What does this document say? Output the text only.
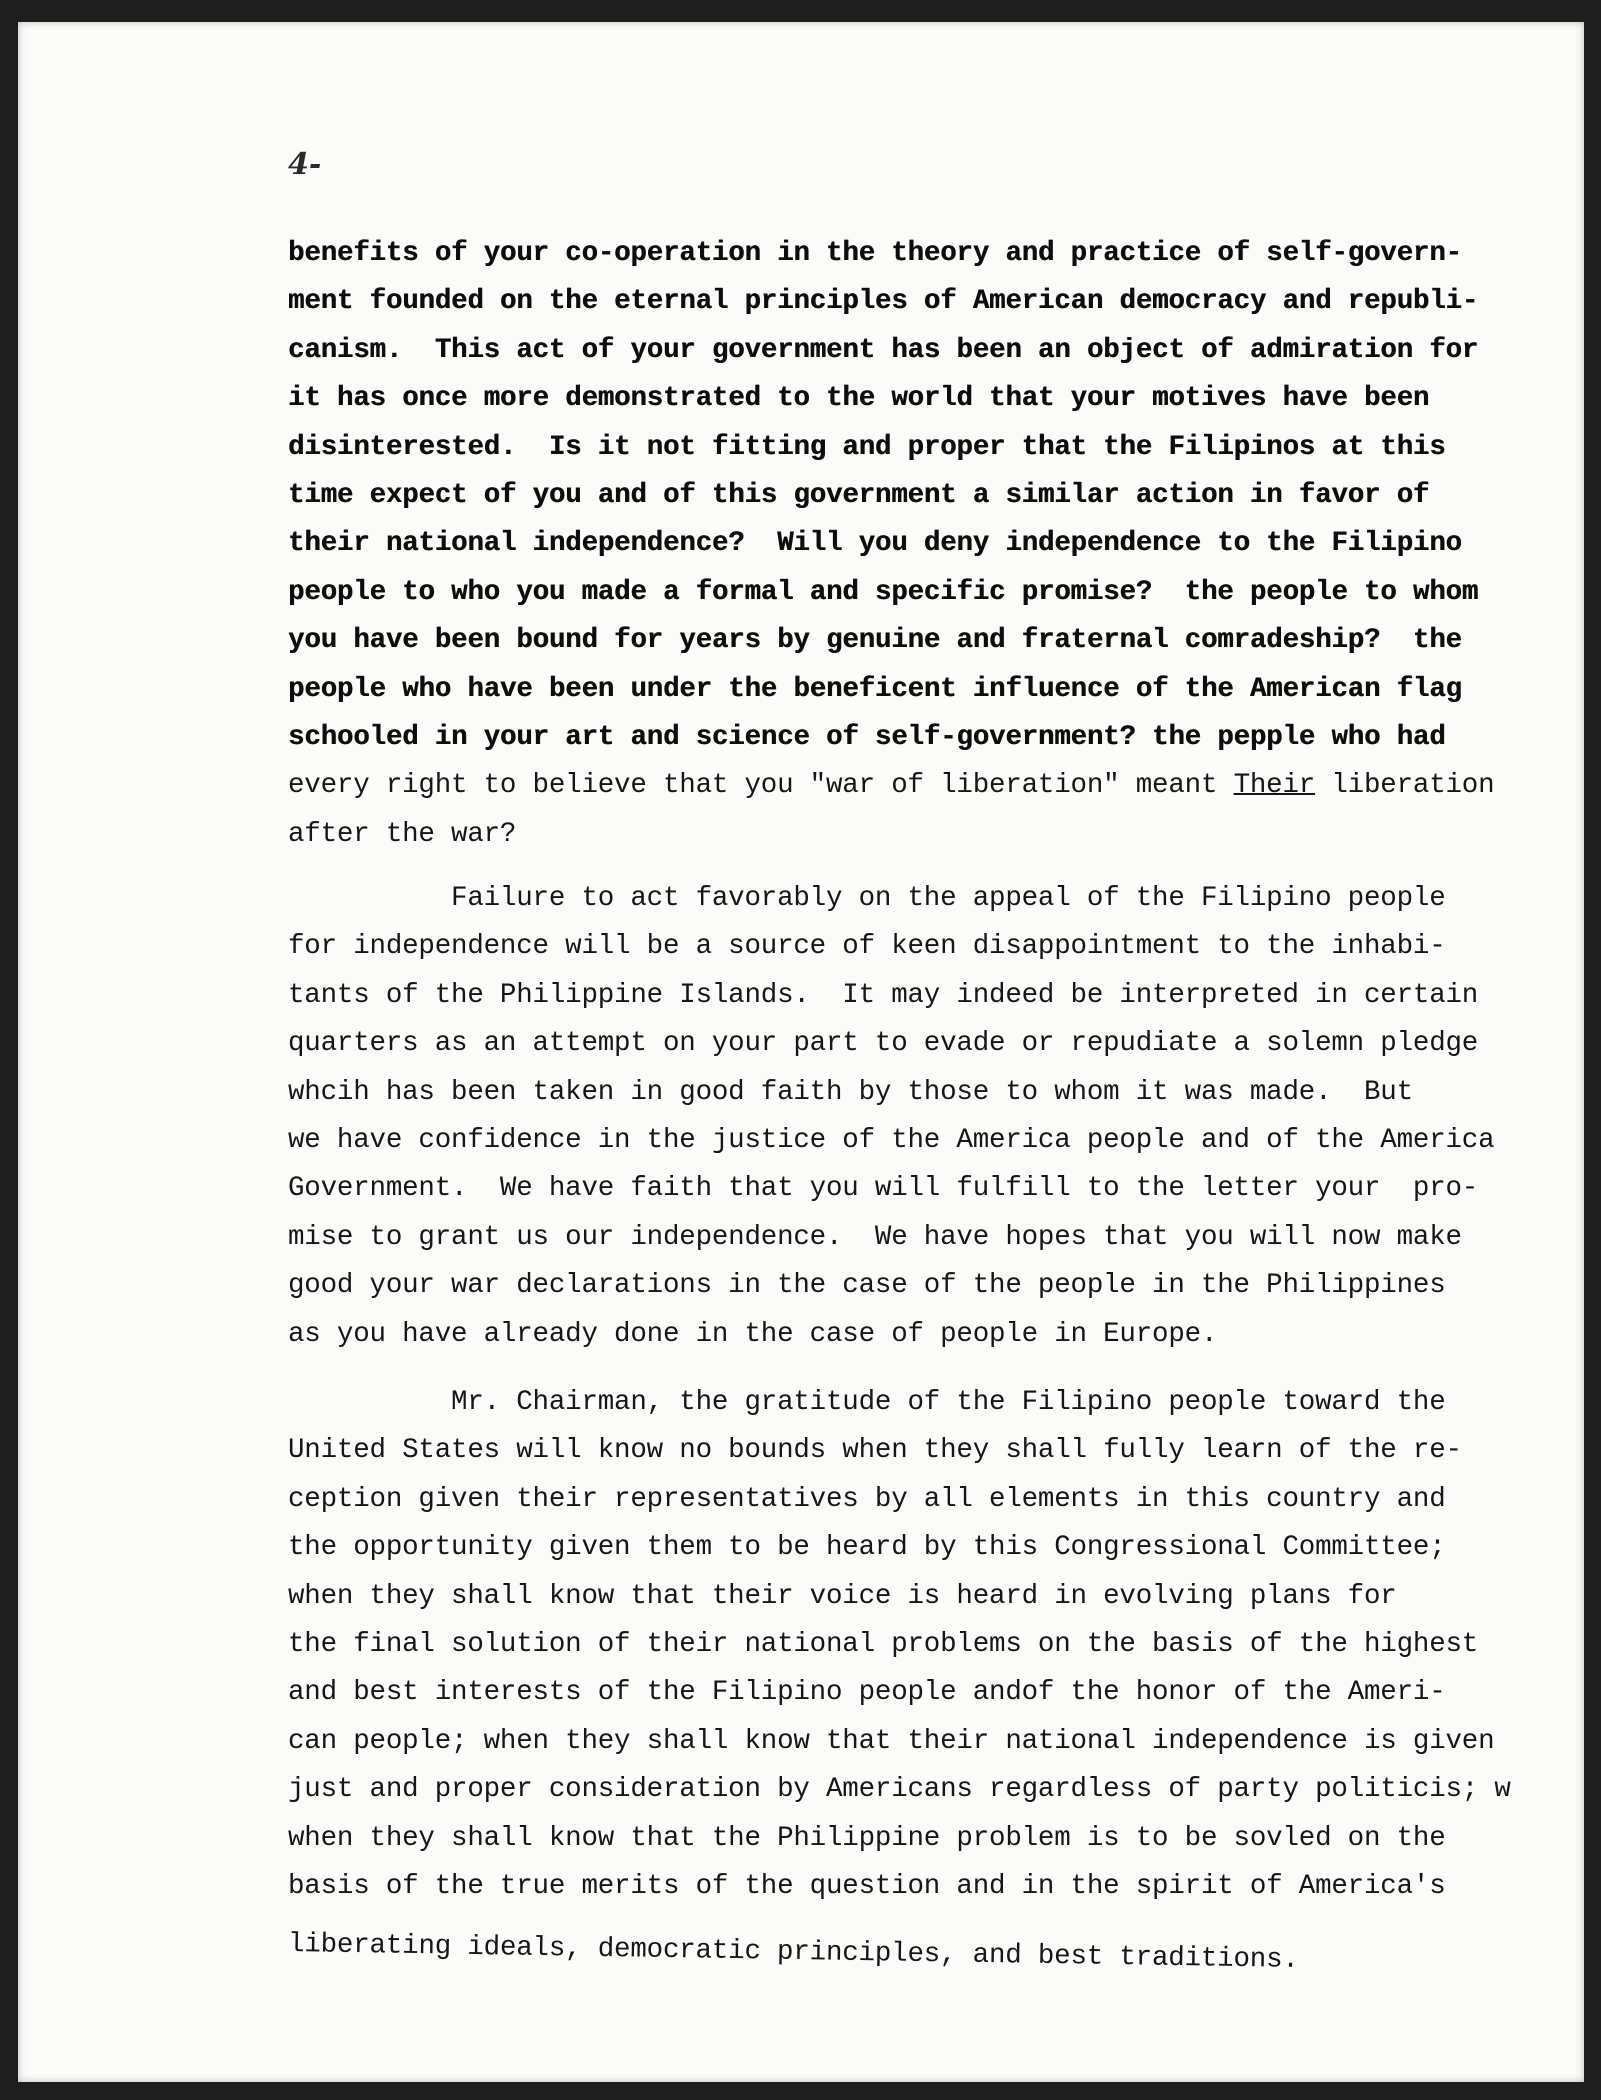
4-
benefits of your co-operation in the theory and practice of self-govern-
ment founded on the eternal principles of American democracy and republi-
canism.  This act of your government has been an object of admiration for
it has once more demonstrated to the world that your motives have been
disinterested.  Is it not fitting and proper that the Filipinos at this
time expect of you and of this government a similar action in favor of
their national independence?  Will you deny independence to the Filipino
people to who you made a formal and specific promise?  the people to whom
you have been bound for years by genuine and fraternal comradeship?  the
people who have been under the beneficent influence of the American flag
schooled in your art and science of self-government? the pepple who had
every right to believe that you "war of liberation" meant Their liberation
after the war?
Failure to act favorably on the appeal of the Filipino people
for independence will be a source of keen disappointment to the inhabi-
tants of the Philippine Islands.  It may indeed be interpreted in certain
quarters as an attempt on your part to evade or repudiate a solemn pledge
whcih has been taken in good faith by those to whom it was made.  But
we have confidence in the justice of the America people and of the America
Government.  We have faith that you will fulfill to the letter your  pro-
mise to grant us our independence.  We have hopes that you will now make
good your war declarations in the case of the people in the Philippines
as you have already done in the case of people in Europe.
Mr. Chairman, the gratitude of the Filipino people toward the
United States will know no bounds when they shall fully learn of the re-
ception given their representatives by all elements in this country and
the opportunity given them to be heard by this Congressional Committee;
when they shall know that their voice is heard in evolving plans for
the final solution of their national problems on the basis of the highest
and best interests of the Filipino people andof the honor of the Ameri-
can people; when they shall know that their national independence is given
just and proper consideration by Americans regardless of party politicis; w
when they shall know that the Philippine problem is to be sovled on the
basis of the true merits of the question and in the spirit of America's
liberating ideals, democratic principles, and best traditions.
